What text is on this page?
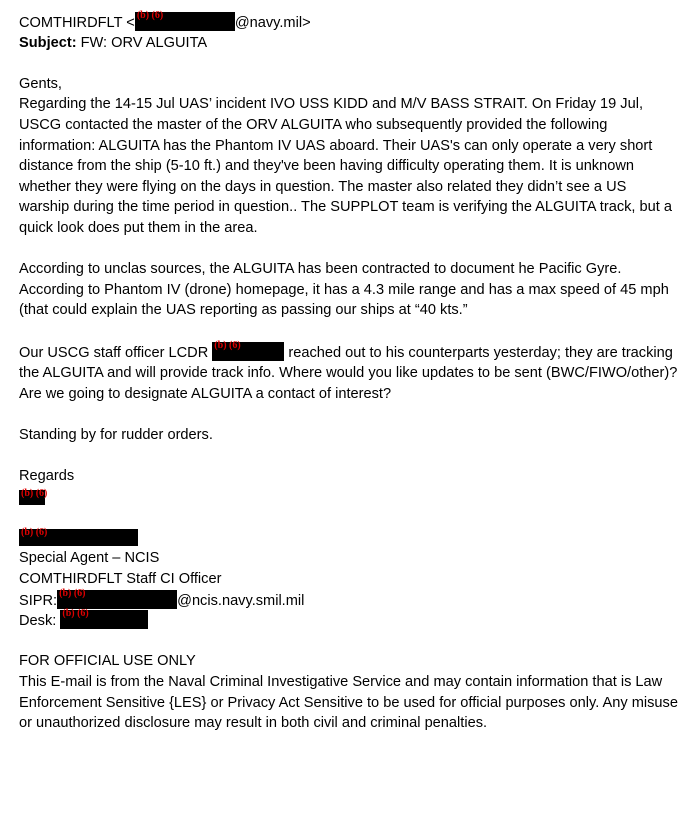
COMTHIRDFLT < (b) (6)	@navy.mil>
Subject: FW: ORV ALGUITA
Gents,

Regarding the 14-15 Jul UAS’ incident IVO USS KIDD and M/V BASS STRAIT. On Friday 19 Jul, USCG contacted the master of the ORV ALGUITA who subsequently provided the following information: ALGUITA has the Phantom IV UAS aboard. Their UAS's can only operate a very short distance from the ship (5-10 ft.) and they've been having difficulty operating them. It is unknown whether they were flying on the days in question. The master also related they didn’t see a US warship during the time period in question.. The SUPPLOT team is verifying the ALGUITA track, but a quick look does put them in the area.

According to unclas sources, the ALGUITA has been contracted to document he Pacific Gyre. According to Phantom IV (drone) homepage, it has a 4.3 mile range and has a max speed of 45 mph (that could explain the UAS reporting as passing our ships at “40 kts.”

Our USCG staff officer LCDR (b) (6)	reached out to his counterparts yesterday; they are tracking the ALGUITA and will provide track info. Where would you like updates to be sent (BWC/FIWO/other)? Are we going to designate ALGUITA a contact of interest?

Standing by for rudder orders.
Regards
(b) (6)
(b) (6)
Special Agent – NCIS
COMTHIRDFLT Staff CI Officer
SIPR: (b) (6)	@ncis.navy.smil.mil
Desk: (b) (6)
FOR OFFICIAL USE ONLY

This E-mail is from the Naval Criminal Investigative Service and may contain information that is Law Enforcement Sensitive {LES} or Privacy Act Sensitive to be used for official purposes only. Any misuse or unauthorized disclosure may result in both civil and criminal penalties.
